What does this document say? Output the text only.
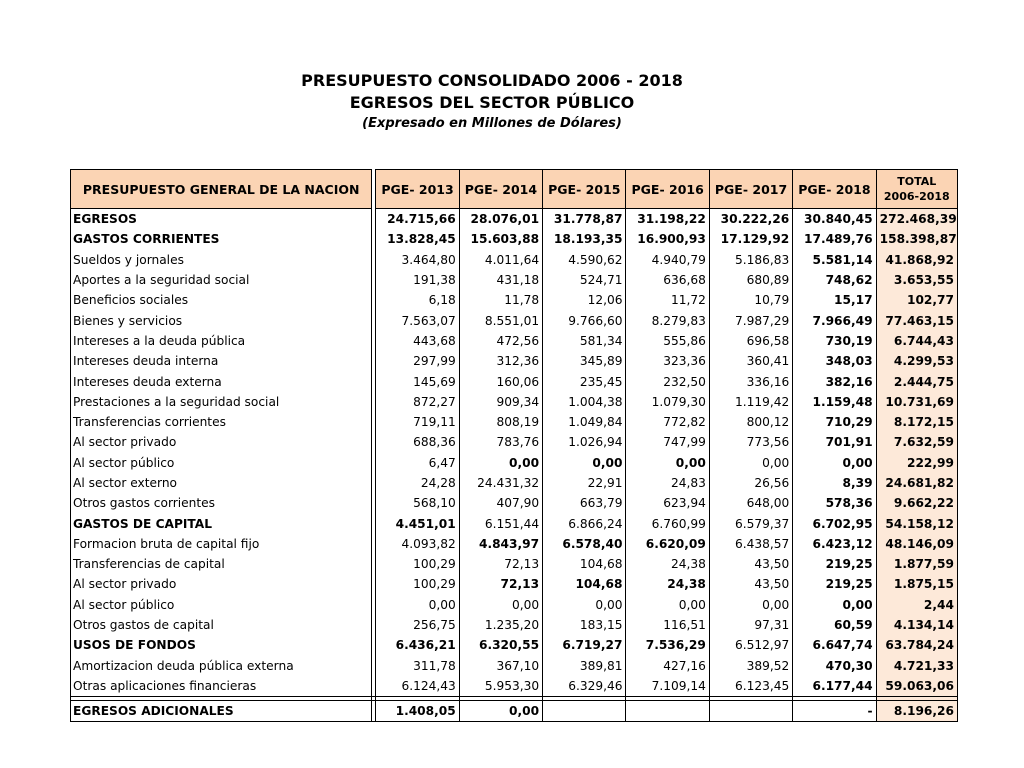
PRESUPUESTO CONSOLIDADO 2006 - 2018
EGRESOS DEL SECTOR PÚBLICO
(Expresado en Millones de Dólares)
PRESUPUESTO GENERAL DE LA NACION		PGE- 2013	PGE- 2014	PGE- 2015	PGE- 2016	PGE- 2017	PGE- 2018	TOTAL
2006-2018

EGRESOS		24.715,66	28.076,01	31.778,87	31.198,22	30.222,26	30.840,45	272.468,39
GASTOS CORRIENTES		13.828,45	15.603,88	18.193,35	16.900,93	17.129,92	17.489,76	158.398,87
Sueldos y jornales		3.464,80	4.011,64	4.590,62	4.940,79	5.186,83	5.581,14	41.868,92
Aportes a la seguridad social		191,38	431,18	524,71	636,68	680,89	748,62	3.653,55
Beneficios sociales		6,18	11,78	12,06	11,72	10,79	15,17	102,77
Bienes y servicios		7.563,07	8.551,01	9.766,60	8.279,83	7.987,29	7.966,49	77.463,15
Intereses a la deuda pública		443,68	472,56	581,34	555,86	696,58	730,19	6.744,43
Intereses deuda interna		297,99	312,36	345,89	323,36	360,41	348,03	4.299,53
Intereses deuda externa		145,69	160,06	235,45	232,50	336,16	382,16	2.444,75
Prestaciones a la seguridad social		872,27	909,34	1.004,38	1.079,30	1.119,42	1.159,48	10.731,69
Transferencias corrientes		719,11	808,19	1.049,84	772,82	800,12	710,29	8.172,15
Al sector privado		688,36	783,76	1.026,94	747,99	773,56	701,91	7.632,59
Al sector público		6,47	0,00	0,00	0,00	0,00	0,00	222,99
Al sector externo		24,28	24.431,32	22,91	24,83	26,56	8,39	24.681,82
Otros gastos corrientes		568,10	407,90	663,79	623,94	648,00	578,36	9.662,22
GASTOS DE CAPITAL		4.451,01	6.151,44	6.866,24	6.760,99	6.579,37	6.702,95	54.158,12
Formacion bruta de capital fijo		4.093,82	4.843,97	6.578,40	6.620,09	6.438,57	6.423,12	48.146,09
Transferencias de capital		100,29	72,13	104,68	24,38	43,50	219,25	1.877,59
Al sector privado		100,29	72,13	104,68	24,38	43,50	219,25	1.875,15
Al sector público		0,00	0,00	0,00	0,00	0,00	0,00	2,44
Otros gastos de capital		256,75	1.235,20	183,15	116,51	97,31	60,59	4.134,14
USOS DE FONDOS		6.436,21	6.320,55	6.719,27	7.536,29	6.512,97	6.647,74	63.784,24
Amortizacion deuda pública externa		311,78	367,10	389,81	427,16	389,52	470,30	4.721,33
Otras aplicaciones financieras		6.124,43	5.953,30	6.329,46	7.109,14	6.123,45	6.177,44	59.063,06

EGRESOS ADICIONALES		1.408,05	0,00				-	8.196,26
